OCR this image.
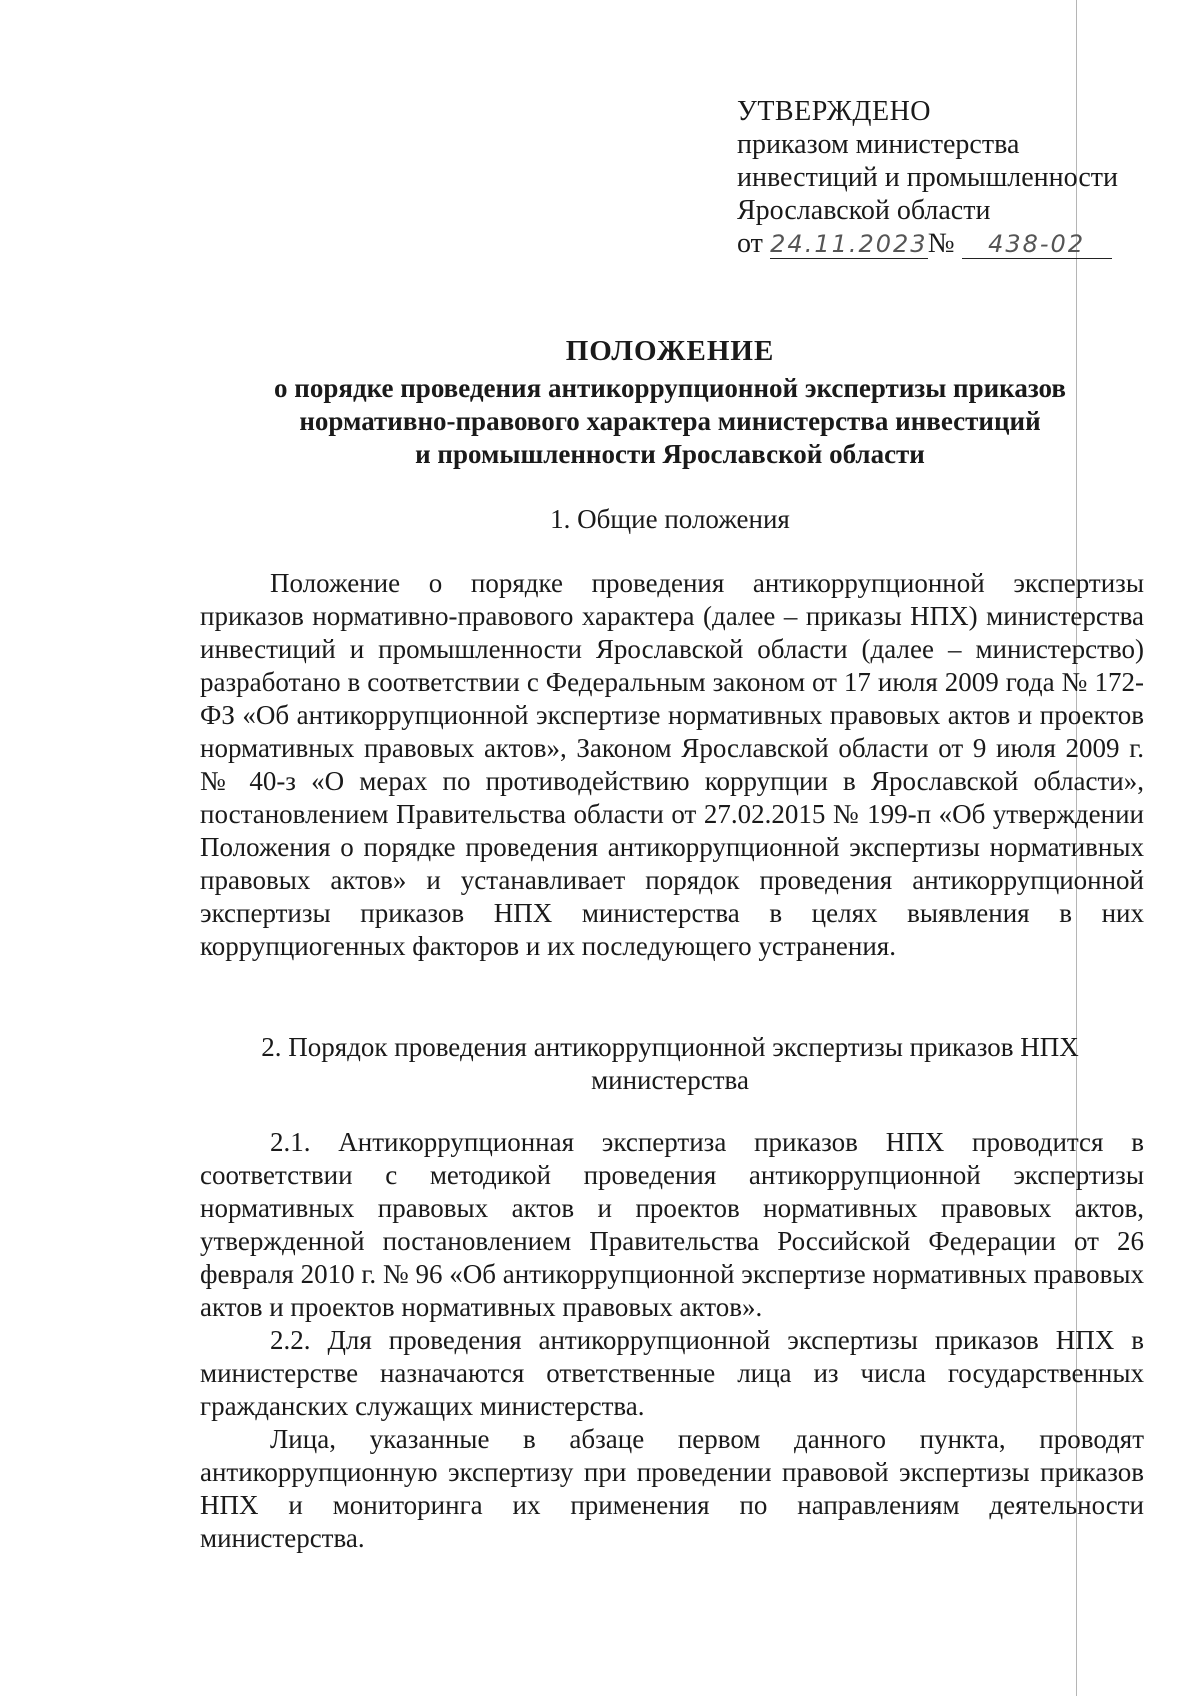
УТВЕРЖДЕНО
приказом министерства
инвестиций и промышленности
Ярославской области
от 24.11.2023№ 438-02
ПОЛОЖЕНИЕ
о порядке проведения антикоррупционной экспертизы приказов
нормативно-правового характера министерства инвестиций
и промышленности Ярославской области
1. Общие положения

Положение о порядке проведения антикоррупционной экспертизы приказов нормативно-правового характера (далее – приказы НПХ) министерства инвестиций и промышленности Ярославской области (далее – министерство) разработано в соответствии с Федеральным законом от 17 июля 2009 года № 172-ФЗ «Об антикоррупционной экспертизе нормативных правовых актов и проектов нормативных правовых актов», Законом Ярославской области от 9 июля 2009 г. № 40-з «О мерах по противодействию коррупции в Ярославской области», постановлением Правительства области от 27.02.2015 № 199-п «Об утверждении Положения о порядке проведения антикоррупционной экспертизы нормативных правовых актов» и устанавливает порядок проведения антикоррупционной экспертизы приказов НПХ министерства в целях выявления в них коррупциогенных факторов и их последующего устранения.

2. Порядок проведения антикоррупционной экспертизы приказов НПХ
министерства

2.1. Антикоррупционная экспертиза приказов НПХ проводится в соответствии с методикой проведения антикоррупционной экспертизы нормативных правовых актов и проектов нормативных правовых актов, утвержденной постановлением Правительства Российской Федерации от 26 февраля 2010 г. № 96 «Об антикоррупционной экспертизе нормативных правовых актов и проектов нормативных правовых актов».

2.2. Для проведения антикоррупционной экспертизы приказов НПХ в министерстве назначаются ответственные лица из числа государственных гражданских служащих министерства.

Лица, указанные в абзаце первом данного пункта, проводят антикоррупционную экспертизу при проведении правовой экспертизы приказов НПХ и мониторинга их применения по направлениям деятельности министерства.
